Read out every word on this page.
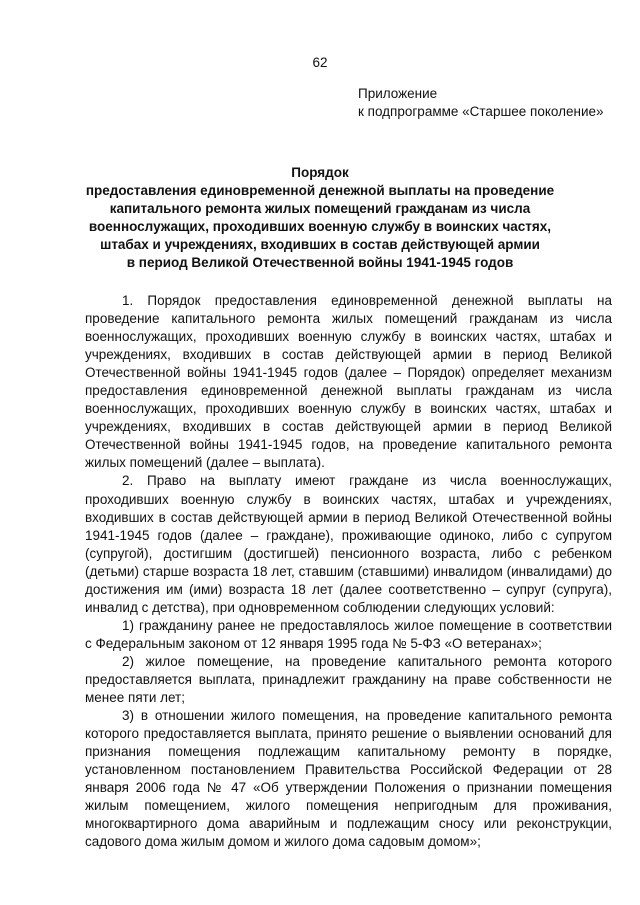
62
Приложение
к подпрограмме «Старшее поколение»
Порядок
предоставления единовременной денежной выплаты на проведение
капитального ремонта жилых помещений гражданам из числа
военнослужащих, проходивших военную службу в воинских частях,
штабах и учреждениях, входивших в состав действующей армии
в период Великой Отечественной войны 1941-1945 годов

1. Порядок предоставления единовременной денежной выплаты на проведение капитального ремонта жилых помещений гражданам из числа военнослужащих, проходивших военную службу в воинских частях, штабах и учреждениях, входивших в состав действующей армии в период Великой Отечественной войны 1941-1945 годов (далее – Порядок) определяет механизм предоставления единовременной денежной выплаты гражданам из числа военнослужащих, проходивших военную службу в воинских частях, штабах и учреждениях, входивших в состав действующей армии в период Великой Отечественной войны 1941-1945 годов, на проведение капитального ремонта жилых помещений (далее – выплата).

2. Право на выплату имеют граждане из числа военнослужащих, проходивших военную службу в воинских частях, штабах и учреждениях, входивших в состав действующей армии в период Великой Отечественной войны 1941-1945 годов (далее – граждане), проживающие одиноко, либо с супругом (супругой), достигшим (достигшей) пенсионного возраста, либо с ребенком (детьми) старше возраста 18 лет, ставшим (ставшими) инвалидом (инвалидами) до достижения им (ими) возраста 18 лет (далее соответственно – супруг (супруга), инвалид с детства), при одновременном соблюдении следующих условий:

1) гражданину ранее не предоставлялось жилое помещение в соответствии с Федеральным законом от 12 января 1995 года № 5-ФЗ «О ветеранах»;

2) жилое помещение, на проведение капитального ремонта которого предоставляется выплата, принадлежит гражданину на праве собственности не менее пяти лет;

3) в отношении жилого помещения, на проведение капитального ремонта которого предоставляется выплата, принято решение о выявлении оснований для признания помещения подлежащим капитальному ремонту в порядке, установленном постановлением Правительства Российской Федерации от 28 января 2006 года № 47 «Об утверждении Положения о признании помещения жилым помещением, жилого помещения непригодным для проживания, многоквартирного дома аварийным и подлежащим сносу или реконструкции, садового дома жилым домом и жилого дома садовым домом»;
